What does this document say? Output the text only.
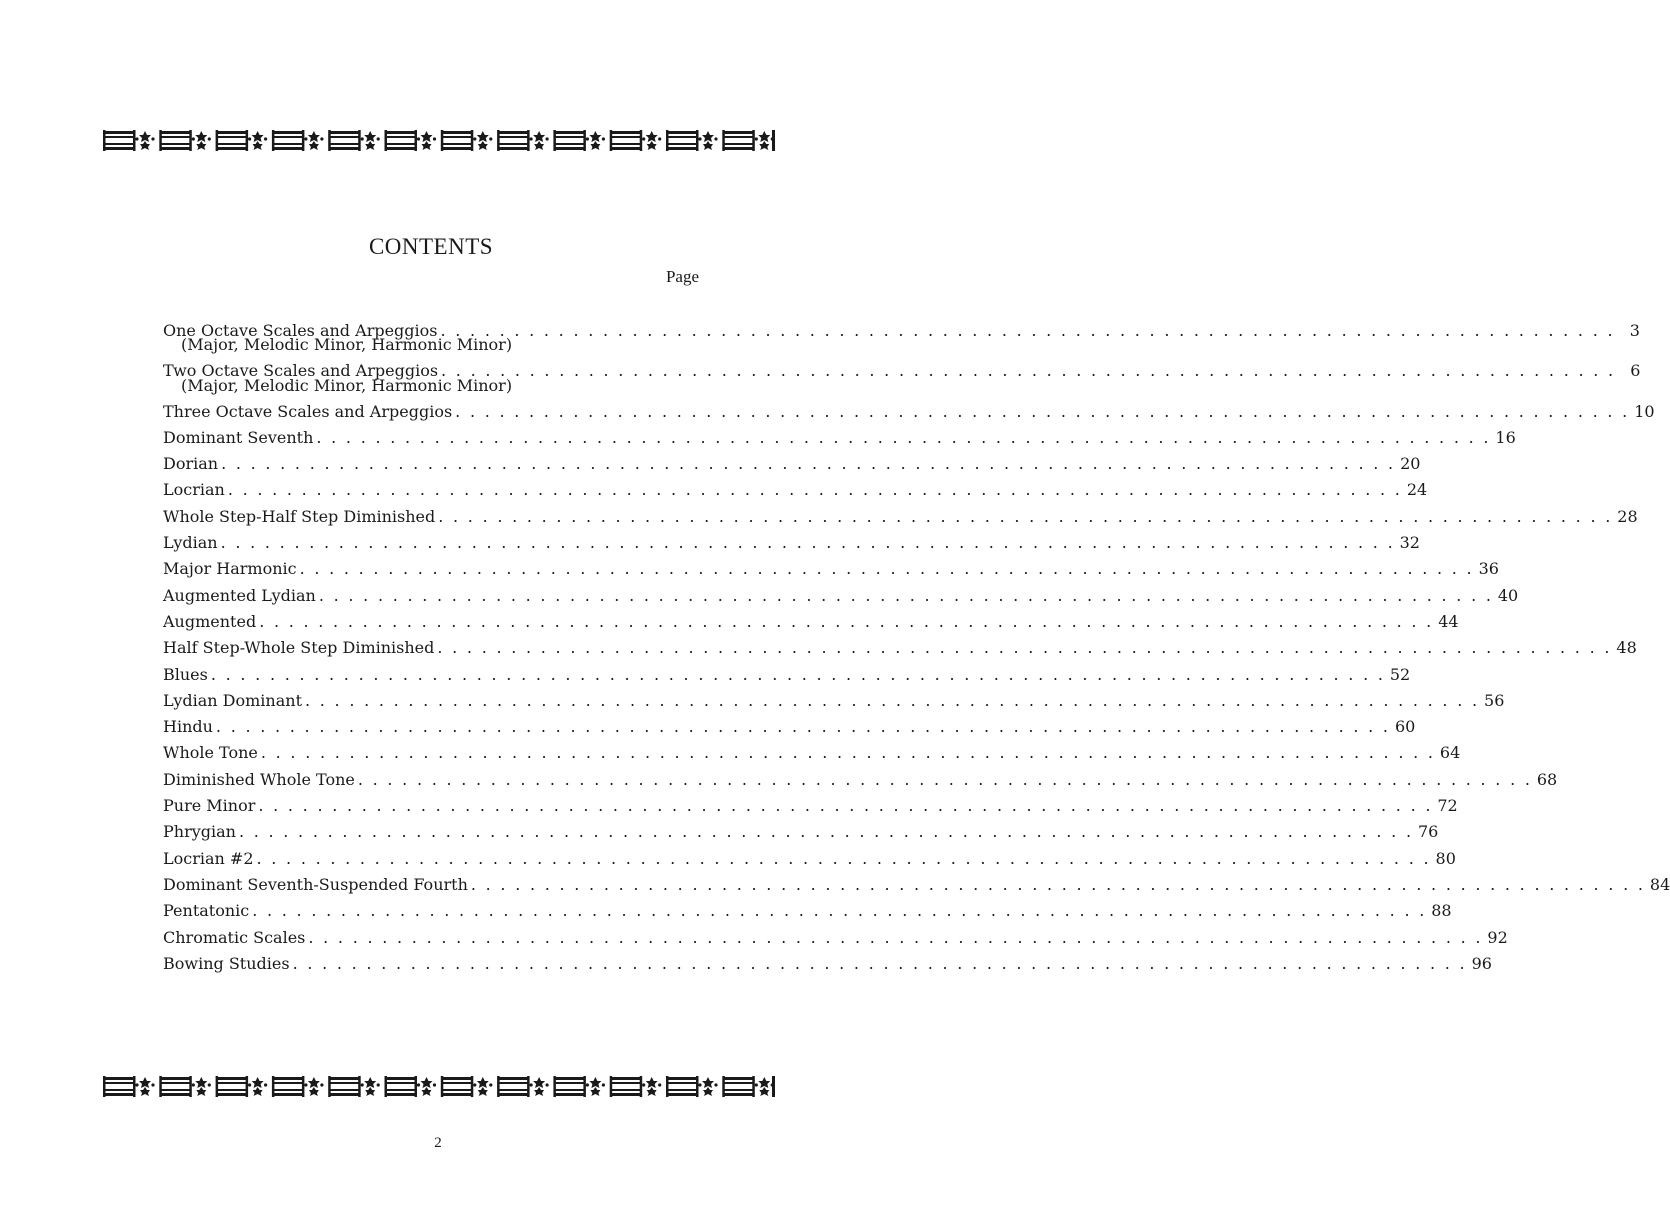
CONTENTS
Page
One Octave Scales and Arpeggios . . . . . . . . . . . . . . . . . . . . . . . . . . . . . . . . . . . . . . . . . . . . . . . . . . . . . . . . . . . . . . . . . . . . . . . . . . . . . . . . 3
(Major, Melodic Minor, Harmonic Minor)
Two Octave Scales and Arpeggios . . . . . . . . . . . . . . . . . . . . . . . . . . . . . . . . . . . . . . . . . . . . . . . . . . . . . . . . . . . . . . . . . . . . . . . . . . . . . . . . 6
(Major, Melodic Minor, Harmonic Minor)
Three Octave Scales and Arpeggios . . . . . . . . . . . . . . . . . . . . . . . . . . . . . . . . . . . . . . . . . . . . . . . . . . . . . . . . . . . . . . . . . . . . . . . . . . . . . . . . 10
Dominant Seventh . . . . . . . . . . . . . . . . . . . . . . . . . . . . . . . . . . . . . . . . . . . . . . . . . . . . . . . . . . . . . . . . . . . . . . . . . . . . . . . . 16
Dorian . . . . . . . . . . . . . . . . . . . . . . . . . . . . . . . . . . . . . . . . . . . . . . . . . . . . . . . . . . . . . . . . . . . . . . . . . . . . . . . . 20
Locrian . . . . . . . . . . . . . . . . . . . . . . . . . . . . . . . . . . . . . . . . . . . . . . . . . . . . . . . . . . . . . . . . . . . . . . . . . . . . . . . . 24
Whole Step-Half Step Diminished . . . . . . . . . . . . . . . . . . . . . . . . . . . . . . . . . . . . . . . . . . . . . . . . . . . . . . . . . . . . . . . . . . . . . . . . . . . . . . . . 28
Lydian . . . . . . . . . . . . . . . . . . . . . . . . . . . . . . . . . . . . . . . . . . . . . . . . . . . . . . . . . . . . . . . . . . . . . . . . . . . . . . . . 32
Major Harmonic . . . . . . . . . . . . . . . . . . . . . . . . . . . . . . . . . . . . . . . . . . . . . . . . . . . . . . . . . . . . . . . . . . . . . . . . . . . . . . . . 36
Augmented Lydian . . . . . . . . . . . . . . . . . . . . . . . . . . . . . . . . . . . . . . . . . . . . . . . . . . . . . . . . . . . . . . . . . . . . . . . . . . . . . . . . 40
Augmented . . . . . . . . . . . . . . . . . . . . . . . . . . . . . . . . . . . . . . . . . . . . . . . . . . . . . . . . . . . . . . . . . . . . . . . . . . . . . . . . 44
Half Step-Whole Step Diminished . . . . . . . . . . . . . . . . . . . . . . . . . . . . . . . . . . . . . . . . . . . . . . . . . . . . . . . . . . . . . . . . . . . . . . . . . . . . . . . . 48
Blues . . . . . . . . . . . . . . . . . . . . . . . . . . . . . . . . . . . . . . . . . . . . . . . . . . . . . . . . . . . . . . . . . . . . . . . . . . . . . . . . 52
Lydian Dominant . . . . . . . . . . . . . . . . . . . . . . . . . . . . . . . . . . . . . . . . . . . . . . . . . . . . . . . . . . . . . . . . . . . . . . . . . . . . . . . . 56
Hindu . . . . . . . . . . . . . . . . . . . . . . . . . . . . . . . . . . . . . . . . . . . . . . . . . . . . . . . . . . . . . . . . . . . . . . . . . . . . . . . . 60
Whole Tone . . . . . . . . . . . . . . . . . . . . . . . . . . . . . . . . . . . . . . . . . . . . . . . . . . . . . . . . . . . . . . . . . . . . . . . . . . . . . . . . 64
Diminished Whole Tone . . . . . . . . . . . . . . . . . . . . . . . . . . . . . . . . . . . . . . . . . . . . . . . . . . . . . . . . . . . . . . . . . . . . . . . . . . . . . . . . 68
Pure Minor . . . . . . . . . . . . . . . . . . . . . . . . . . . . . . . . . . . . . . . . . . . . . . . . . . . . . . . . . . . . . . . . . . . . . . . . . . . . . . . . 72
Phrygian . . . . . . . . . . . . . . . . . . . . . . . . . . . . . . . . . . . . . . . . . . . . . . . . . . . . . . . . . . . . . . . . . . . . . . . . . . . . . . . . 76
Locrian #2 . . . . . . . . . . . . . . . . . . . . . . . . . . . . . . . . . . . . . . . . . . . . . . . . . . . . . . . . . . . . . . . . . . . . . . . . . . . . . . . . 80
Dominant Seventh-Suspended Fourth . . . . . . . . . . . . . . . . . . . . . . . . . . . . . . . . . . . . . . . . . . . . . . . . . . . . . . . . . . . . . . . . . . . . . . . . . . . . . . . . 84
Pentatonic . . . . . . . . . . . . . . . . . . . . . . . . . . . . . . . . . . . . . . . . . . . . . . . . . . . . . . . . . . . . . . . . . . . . . . . . . . . . . . . . 88
Chromatic Scales . . . . . . . . . . . . . . . . . . . . . . . . . . . . . . . . . . . . . . . . . . . . . . . . . . . . . . . . . . . . . . . . . . . . . . . . . . . . . . . . 92
Bowing Studies . . . . . . . . . . . . . . . . . . . . . . . . . . . . . . . . . . . . . . . . . . . . . . . . . . . . . . . . . . . . . . . . . . . . . . . . . . . . . . . . 96
2
